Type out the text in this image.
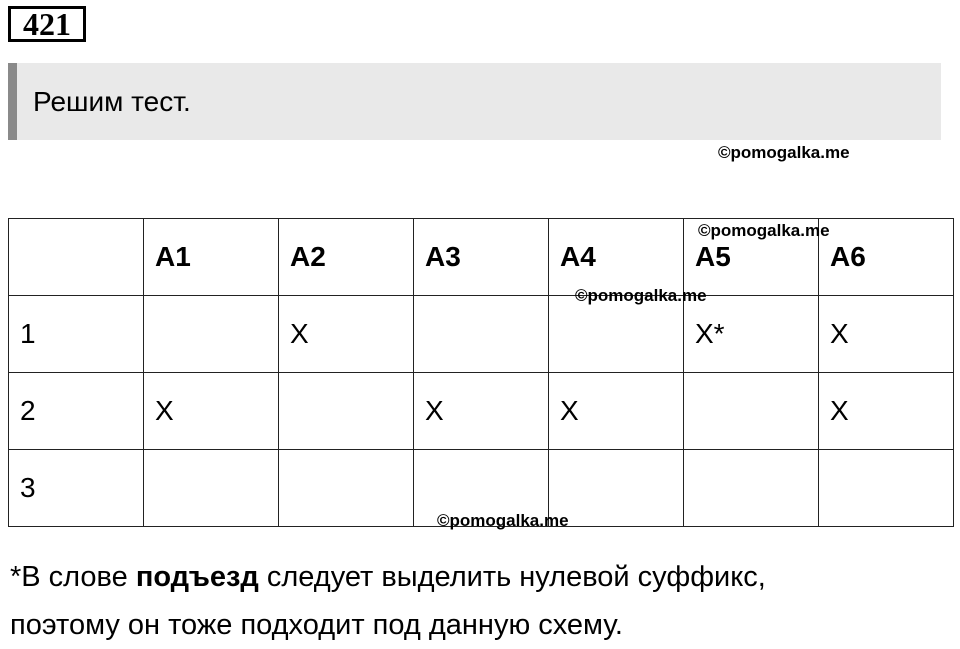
421
Решим тест.
©pomogalka.me
	А1	А2	А3	А4	А5	А6
1		Х			Х*	Х
2	Х		Х	Х		Х
3						
©pomogalka.me
©pomogalka.me
©pomogalka.me
*В слове подъезд следует выделить нулевой суффикс,
поэтому он тоже подходит под данную схему.
